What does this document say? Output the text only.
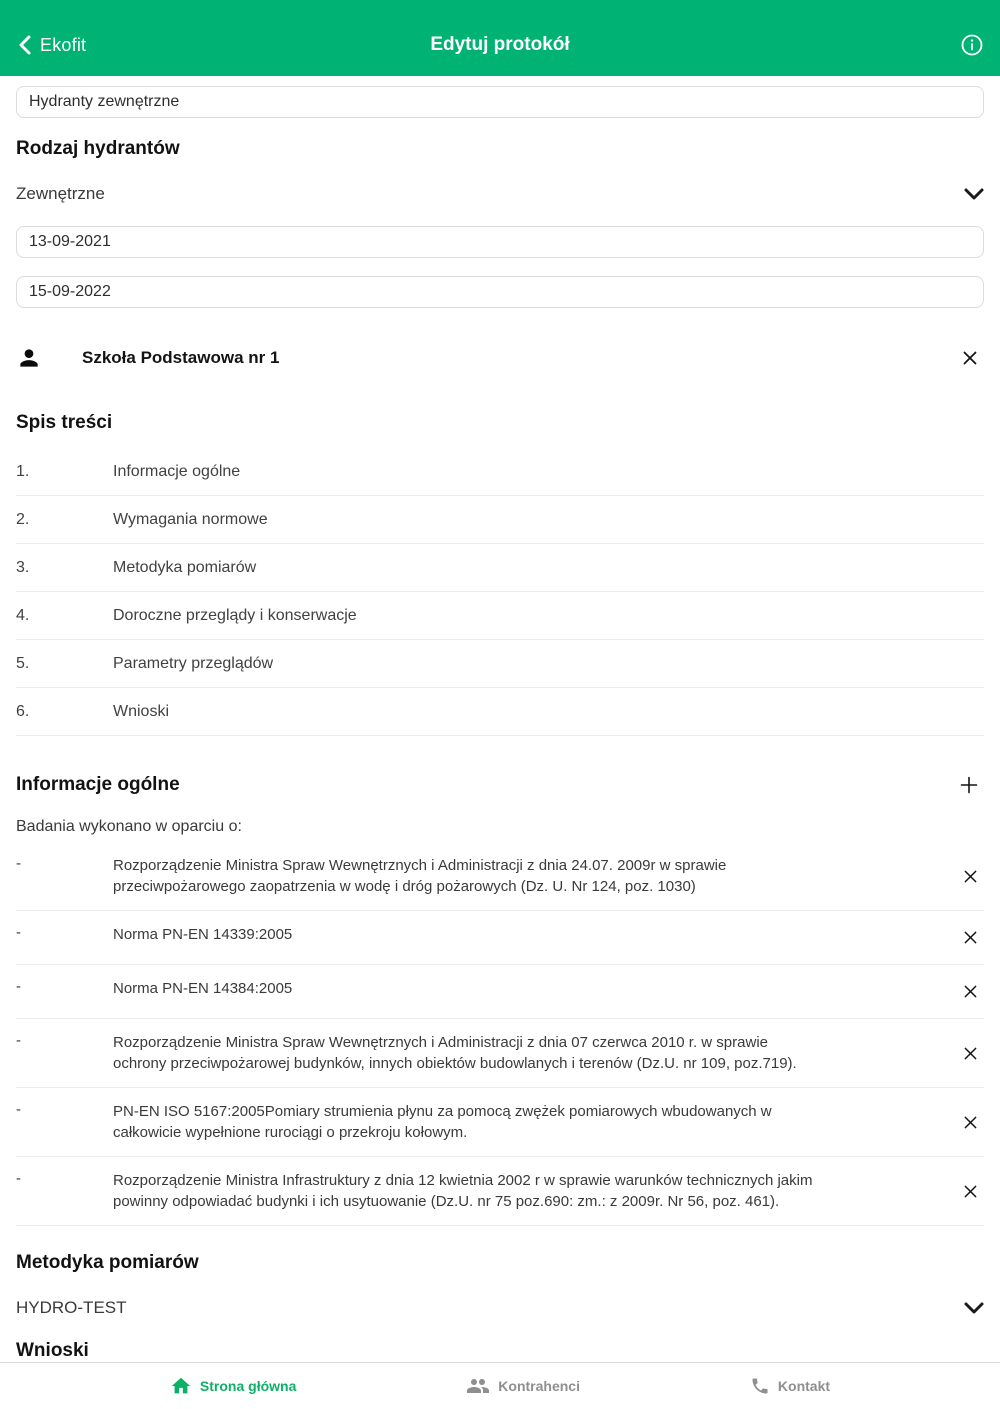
Ekofit	Edytuj protokół
Hydranty zewnętrzne
Rodzaj hydrantów
Zewnętrzne
13-09-2021
15-09-2022
Szkoła Podstawowa nr 1
Spis treści
1.	Informacje ogólne
2.	Wymagania normowe
3.	Metodyka pomiarów
4.	Doroczne przeglądy i konserwacje
5.	Parametry przeglądów
6.	Wnioski
Informacje ogólne
Badania wykonano w oparciu o:
-	Rozporządzenie Ministra Spraw Wewnętrznych i Administracji z dnia 24.07. 2009r w sprawie przeciwpożarowego zaopatrzenia w wodę i dróg pożarowych (Dz. U. Nr 124, poz. 1030)
-	Norma PN-EN 14339:2005
-	Norma PN-EN 14384:2005
-	Rozporządzenie Ministra Spraw Wewnętrznych i Administracji z dnia 07 czerwca 2010 r. w sprawie ochrony przeciwpożarowej budynków, innych obiektów budowlanych i terenów (Dz.U. nr 109, poz.719).
-	PN-EN ISO 5167:2005Pomiary strumienia płynu za pomocą zwężek pomiarowych wbudowanych w całkowicie wypełnione rurociągi o przekroju kołowym.
-	Rozporządzenie Ministra Infrastruktury z dnia 12 kwietnia 2002 r w sprawie warunków technicznych jakim powinny odpowiadać budynki i ich usytuowanie (Dz.U. nr 75 poz.690: zm.: z 2009r. Nr 56, poz. 461).
Metodyka pomiarów
HYDRO-TEST
Wnioski
Strona główna	Kontrahenci	Kontakt
